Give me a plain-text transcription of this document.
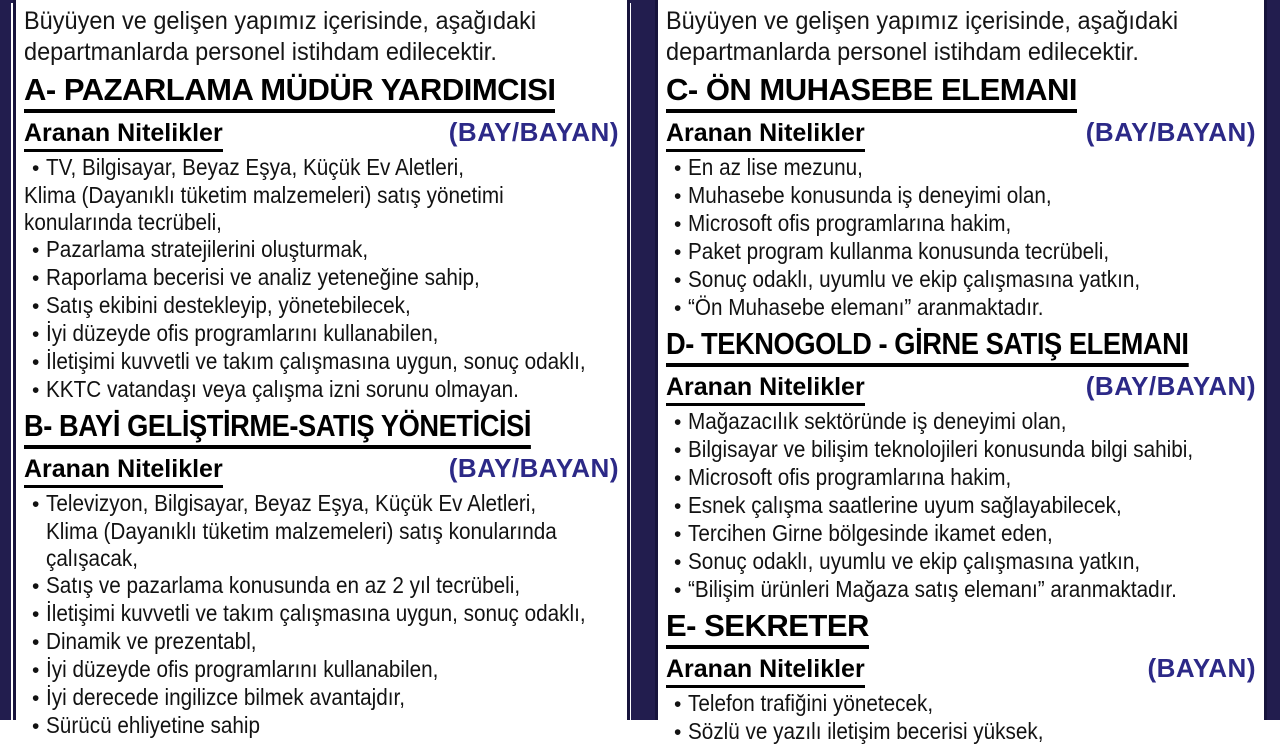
Büyüyen ve gelişen yapımız içerisinde, aşağıdaki
departmanlarda personel istihdam edilecektir.
A- PAZARLAMA MÜDÜR YARDIMCISI
Aranan Nitelikler	(BAY/BAYAN)
• TV, Bilgisayar, Beyaz Eşya, Küçük Ev Aletleri,
Klima (Dayanıklı tüketim malzemeleri) satış yönetimikonularında tecrübeli,
• Pazarlama stratejilerini oluşturmak,
• Raporlama becerisi ve analiz yeteneğine sahip,
• Satış ekibini destekleyip, yönetebilecek,
• İyi düzeyde ofis programlarını kullanabilen,
• İletişimi kuvvetli ve takım çalışmasına uygun, sonuç odaklı,
• KKTC vatandaşı veya çalışma izni sorunu olmayan.
B- BAYİ GELİŞTİRME-SATIŞ YÖNETİCİSİ
Aranan Nitelikler	(BAY/BAYAN)
• Televizyon, Bilgisayar, Beyaz Eşya, Küçük Ev Aletleri,
Klima (Dayanıklı tüketim malzemeleri) satış konularındaçalışacak,
• Satış ve pazarlama konusunda en az 2 yıl tecrübeli,
• İletişimi kuvvetli ve takım çalışmasına uygun, sonuç odaklı,
• Dinamik ve prezentabl,
• İyi düzeyde ofis programlarını kullanabilen,
• İyi derecede ingilizce bilmek avantajdır,
• Sürücü ehliyetine sahip
Büyüyen ve gelişen yapımız içerisinde, aşağıdaki
departmanlarda personel istihdam edilecektir.
C- ÖN MUHASEBE ELEMANI
Aranan Nitelikler	(BAY/BAYAN)
• En az lise mezunu,
• Muhasebe konusunda iş deneyimi olan,
• Microsoft ofis programlarına hakim,
• Paket program kullanma konusunda tecrübeli,
• Sonuç odaklı, uyumlu ve ekip çalışmasına yatkın,
• “Ön Muhasebe elemanı” aranmaktadır.
D- TEKNOGOLD - GİRNE SATIŞ ELEMANI
Aranan Nitelikler	(BAY/BAYAN)
• Mağazacılık sektöründe iş deneyimi olan,
• Bilgisayar ve bilişim teknolojileri konusunda bilgi sahibi,
• Microsoft ofis programlarına hakim,
• Esnek çalışma saatlerine uyum sağlayabilecek,
• Tercihen Girne bölgesinde ikamet eden,
• Sonuç odaklı, uyumlu ve ekip çalışmasına yatkın,
• “Bilişim ürünleri Mağaza satış elemanı” aranmaktadır.
E- SEKRETER
Aranan Nitelikler	(BAYAN)
• Telefon trafiğini yönetecek,
• Sözlü ve yazılı iletişim becerisi yüksek,
